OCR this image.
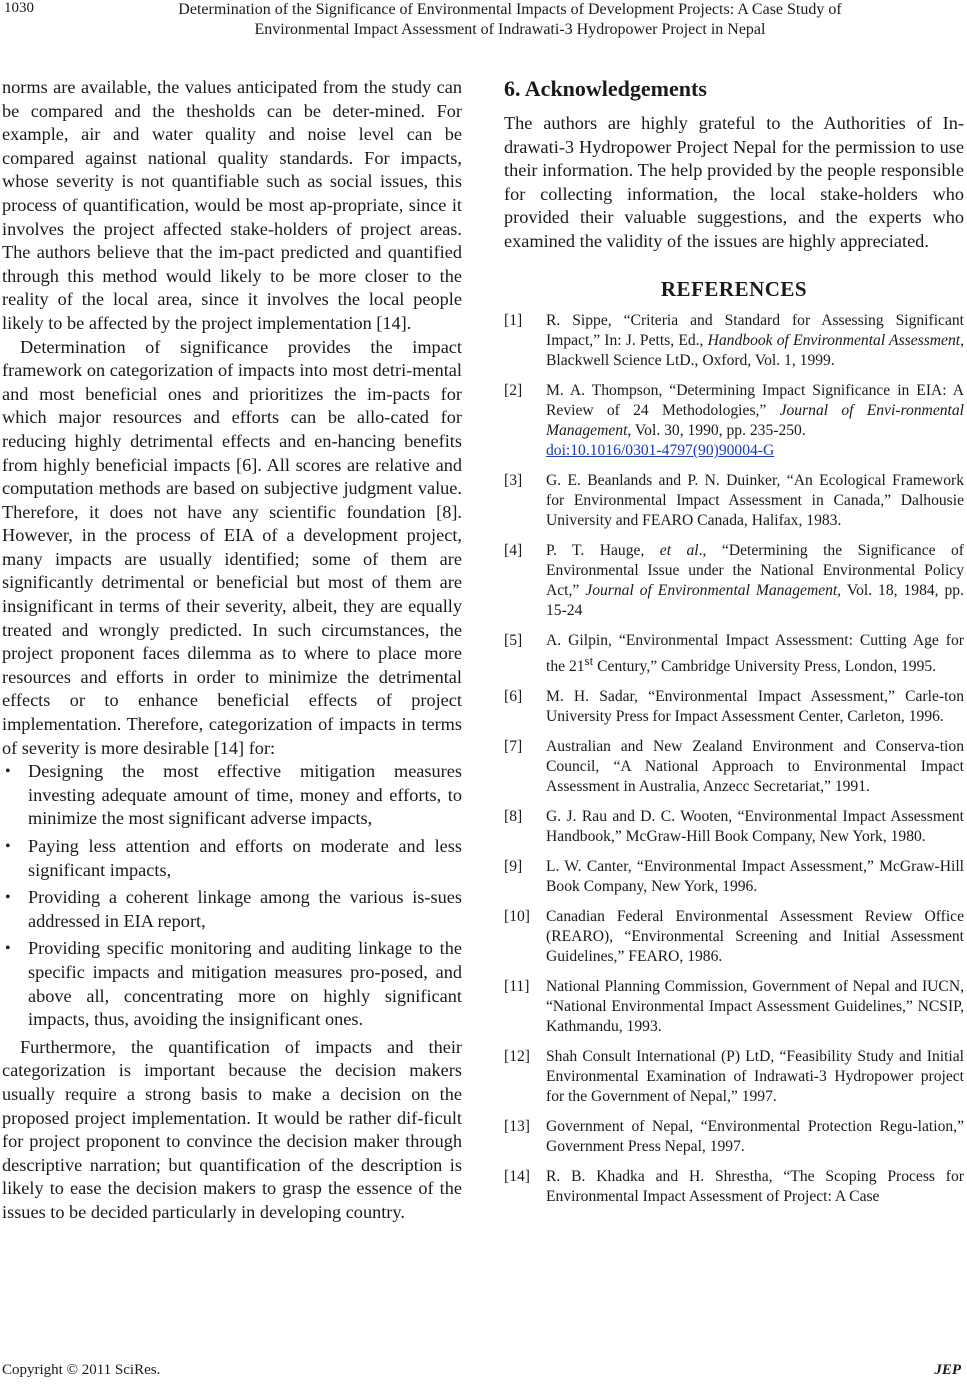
1030	Determination of the Significance of Environmental Impacts of Development Projects: A Case Study of
Environmental Impact Assessment of Indrawati-3 Hydropower Project in Nepal

norms are available, the values anticipated from the study can be compared and the thesholds can be deter-mined. For example, air and water quality and noise level can be compared against national quality standards. For impacts, whose severity is not quantifiable such as social issues, this process of quantification, would be most ap-propriate, since it involves the project affected stake-holders of project areas. The authors believe that the im-pact predicted and quantified through this method would likely to be more closer to the reality of the local area, since it involves the local people likely to be affected by the project implementation [14].

Determination of significance provides the impact framework on categorization of impacts into most detri-mental and most beneficial ones and prioritizes the im-pacts for which major resources and efforts can be allo-cated for reducing highly detrimental effects and en-hancing benefits from highly beneficial impacts [6]. All scores are relative and computation methods are based on subjective judgment value. Therefore, it does not have any scientific foundation [8]. However, in the process of EIA of a development project, many impacts are usually identified; some of them are significantly detrimental or beneficial but most of them are insignificant in terms of their severity, albeit, they are equally treated and wrongly predicted. In such circumstances, the project proponent faces dilemma as to where to place more resources and efforts in order to minimize the detrimental effects or to enhance beneficial effects of project implementation. Therefore, categorization of impacts in terms of severity is more desirable [14] for:

• Designing the most effective mitigation measures investing adequate amount of time, money and efforts, to minimize the most significant adverse impacts,
• Paying less attention and efforts on moderate and less significant impacts,
• Providing a coherent linkage among the various is-sues addressed in EIA report,
• Providing specific monitoring and auditing linkage to the specific impacts and mitigation measures pro-posed, and above all, concentrating more on highly significant impacts, thus, avoiding the insignificant ones.

Furthermore, the quantification of impacts and their categorization is important because the decision makers usually require a strong basis to make a decision on the proposed project implementation. It would be rather dif-ficult for project proponent to convince the decision maker through descriptive narration; but quantification of the description is likely to ease the decision makers to grasp the essence of the issues to be decided particularly in developing country.

6. Acknowledgements

The authors are highly grateful to the Authorities of In-drawati-3 Hydropower Project Nepal for the permission to use their information. The help provided by the people responsible for collecting information, the local stake-holders who provided their valuable suggestions, and the experts who examined the validity of the issues are highly appreciated.

REFERENCES
[1]	R. Sippe, “Criteria and Standard for Assessing Significant Impact,” In: J. Petts, Ed., Handbook of Environmental Assessment, Blackwell Science LtD., Oxford, Vol. 1, 1999.
[2]	M. A. Thompson, “Determining Impact Significance in EIA: A Review of 24 Methodologies,” Journal of Envi-ronmental Management, Vol. 30, 1990, pp. 235-250.
doi:10.1016/0301-4797(90)90004-G
[3]	G. E. Beanlands and P. N. Duinker, “An Ecological Framework for Environmental Impact Assessment in Canada,” Dalhousie University and FEARO Canada, Halifax, 1983.
[4]	P. T. Hauge, et al., “Determining the Significance of Environmental Issue under the National Environmental Policy Act,” Journal of Environmental Management, Vol. 18, 1984, pp. 15-24
[5]	A. Gilpin, “Environmental Impact Assessment: Cutting Age for the 21st Century,” Cambridge University Press, London, 1995.
[6]	M. H. Sadar, “Environmental Impact Assessment,” Carle-ton University Press for Impact Assessment Center, Carleton, 1996.
[7]	Australian and New Zealand Environment and Conserva-tion Council, “A National Approach to Environmental Impact Assessment in Australia, Anzecc Secretariat,” 1991.
[8]	G. J. Rau and D. C. Wooten, “Environmental Impact Assessment Handbook,” McGraw-Hill Book Company, New York, 1980.
[9]	L. W. Canter, “Environmental Impact Assessment,” McGraw-Hill Book Company, New York, 1996.
[10]	Canadian Federal Environmental Assessment Review Office (REARO), “Environmental Screening and Initial Assessment Guidelines,” FEARO, 1986.
[11]	National Planning Commission, Government of Nepal and IUCN, “National Environmental Impact Assessment Guidelines,” NCSIP, Kathmandu, 1993.
[12]	Shah Consult International (P) LtD, “Feasibility Study and Initial Environmental Examination of Indrawati-3 Hydropower project for the Government of Nepal,” 1997.
[13]	Government of Nepal, “Environmental Protection Regu-lation,” Government Press Nepal, 1997.
[14]	R. B. Khadka and H. Shrestha, “The Scoping Process for Environmental Impact Assessment of Project: A Case
Copyright © 2011 SciRes.	JEP
